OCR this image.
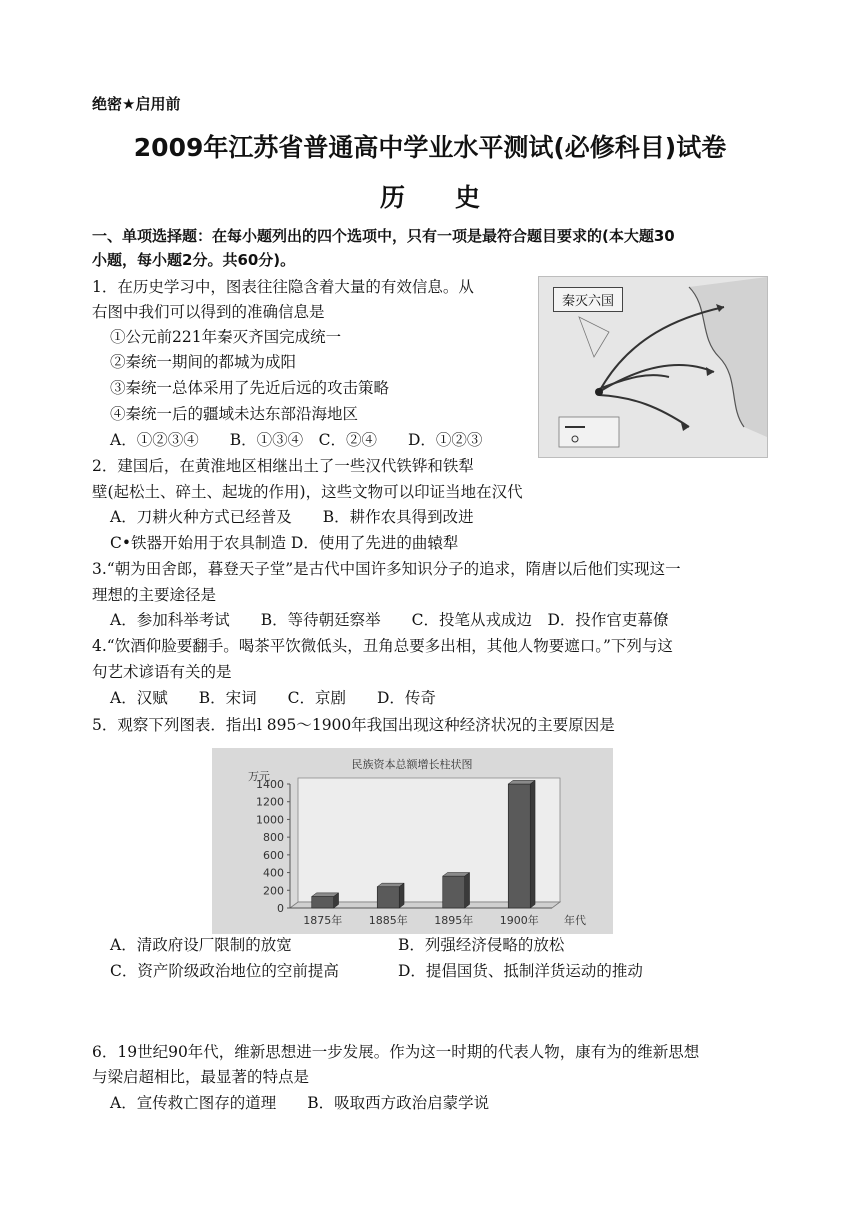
绝密★启用前
2009年江苏省普通高中学业水平测试(必修科目)试卷
历史
一、单项选择题：在每小题列出的四个选项中，只有一项是最符合题目要求的(本大题30
小题，每小题2分。共60分)。
1．在历史学习中，图表往往隐含着大量的有效信息。从
右图中我们可以得到的准确信息是
①公元前221年秦灭齐国完成统一
②秦统一期间的都城为成阳
③秦统一总体采用了先近后远的攻击策略
④秦统一后的疆域未达东部沿海地区
A．①②③④　　B．①③④　C．②④　　D．①②③
秦灭六国
2．建国后，在黄淮地区相继出土了一些汉代铁铧和铁犁
壁(起松土、碎土、起垅的作用)，这些文物可以印证当地在汉代
A．刀耕火种方式已经普及　　B．耕作农具得到改进
C•铁器开始用于农具制造 D．使用了先进的曲辕犁
3.“朝为田舍郎，暮登天子堂”是古代中国许多知识分子的追求，隋唐以后他们实现这一
理想的主要途径是
A．参加科举考试　　B．等待朝廷察举　　C．投笔从戎成边　D．投作官吏幕僚
4.“饮酒仰脸要翻手。喝茶平饮微低头，丑角总要多出相，其他人物要遮口。”下列与这
句艺术谚语有关的是
A．汉赋　　B．宋词　　C．京剧　　D．传奇
5．观察下列图表．指出l 895～1900年我国出现这种经济状况的主要原因是
民族资本总额增长柱状图
万元
0
200
400
600
800
1000
1200
1400
1875年 1885年 1895年 1900年 年代
A．清政府设厂限制的放宽	B．列强经济侵略的放松
C．资产阶级政治地位的空前提高	D．提倡国货、抵制洋货运动的推动
6．19世纪90年代，维新思想进一步发展。作为这一时期的代表人物，康有为的维新思想
与梁启超相比，最显著的特点是
A．宣传救亡图存的道理　　B．吸取西方政治启蒙学说
